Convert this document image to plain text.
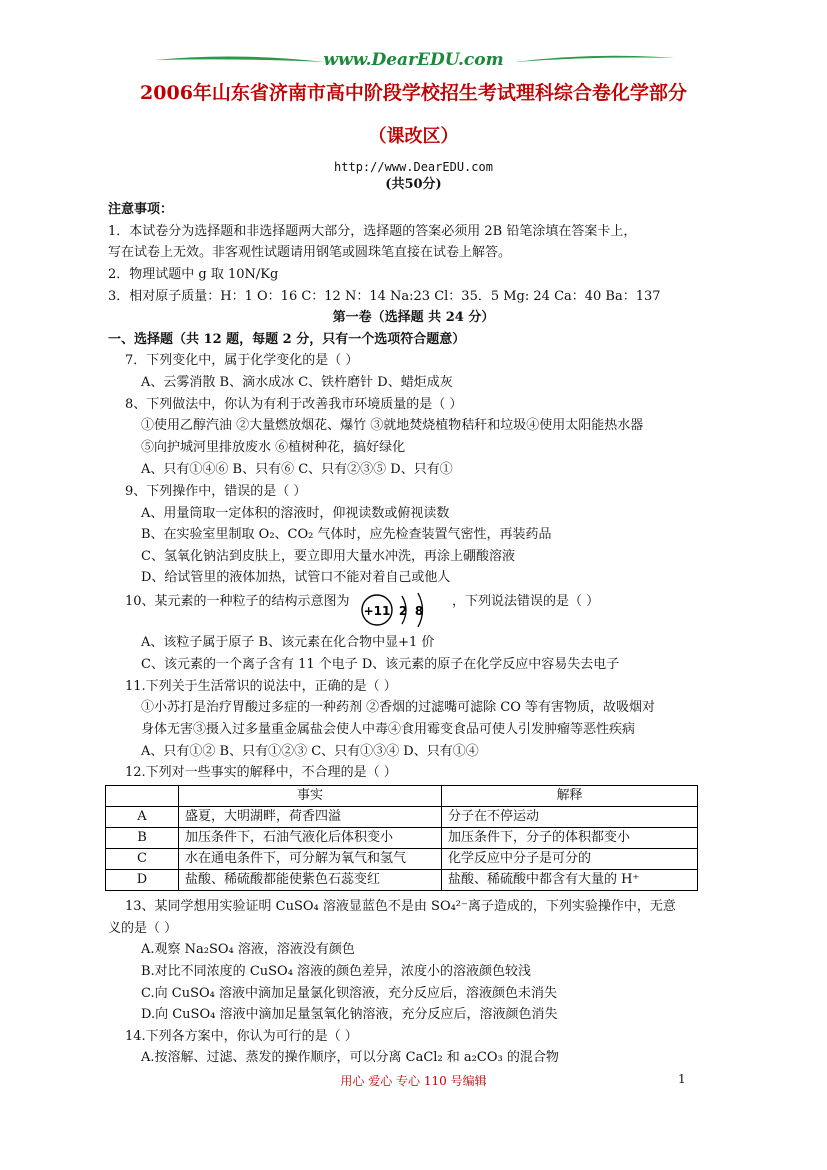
www.DearEDU.com
2006年山东省济南市高中阶段学校招生考试理科综合卷化学部分
（课改区）
http://www.DearEDU.com
(共50分)
注意事项：
1．本试卷分为选择题和非选择题两大部分，选择题的答案必须用 2B 铅笔涂填在答案卡上，
写在试卷上无效。非客观性试题请用钢笔或圆珠笔直接在试卷上解答。
2．物理试题中 g 取 10N/Kg
3．相对原子质量：H：1 O：16 C：12 N：14 Na:23 Cl：35．5 Mg: 24 Ca：40 Ba：137
第一卷（选择题 共 24 分）
一、选择题（共 12 题，每题 2 分，只有一个选项符合题意）
7．下列变化中，属于化学变化的是（ ）
A、云雾消散 B、滴水成冰 C、铁杵磨针 D、蜡炬成灰
8、下列做法中，你认为有利于改善我市环境质量的是（ ）
①使用乙醇汽油 ②大量燃放烟花、爆竹 ③就地焚烧植物秸秆和垃圾④使用太阳能热水器
⑤向护城河里排放废水 ⑥植树种花，搞好绿化
A、只有①④⑥ B、只有⑥ C、只有②③⑤ D、只有①
9、下列操作中，错误的是（ ）
A、用量筒取一定体积的溶液时，仰视读数或俯视读数
B、在实验室里制取 O₂、CO₂ 气体时，应先检查装置气密性，再装药品
C、氢氧化钠沾到皮肤上，要立即用大量水冲洗，再涂上硼酸溶液
D、给试管里的液体加热，试管口不能对着自己或他人
10、某元素的一种粒子的结构示意图为
+11 2 8
，下列说法错误的是（ ）
A、该粒子属于原子 B、该元素在化合物中显+1 价
C、该元素的一个离子含有 11 个电子 D、该元素的原子在化学反应中容易失去电子
11.下列关于生活常识的说法中，正确的是（ ）
①小苏打是治疗胃酸过多症的一种药剂 ②香烟的过滤嘴可滤除 CO 等有害物质，故吸烟对
身体无害③摄入过多量重金属盐会使人中毒④食用霉变食品可使人引发肿瘤等恶性疾病
A、只有①② B、只有①②③ C、只有①③④ D、只有①④
12.下列对一些事实的解释中，不合理的是（ ）
	事实	解释
A	盛夏，大明湖畔，荷香四溢	分子在不停运动
B	加压条件下，石油气液化后体积变小	加压条件下，分子的体积都变小
C	水在通电条件下，可分解为氧气和氢气	化学反应中分子是可分的
D	盐酸、稀硫酸都能使紫色石蕊变红	盐酸、稀硫酸中都含有大量的 H⁺
13、某同学想用实验证明 CuSO₄ 溶液显蓝色不是由 SO₄²⁻离子造成的，下列实验操作中，无意
义的是（ ）
A.观察 Na₂SO₄ 溶液，溶液没有颜色
B.对比不同浓度的 CuSO₄ 溶液的颜色差异，浓度小的溶液颜色较浅
C.向 CuSO₄ 溶液中滴加足量氯化钡溶液，充分反应后，溶液颜色未消失
D.向 CuSO₄ 溶液中滴加足量氢氧化钠溶液，充分反应后，溶液颜色消失
14.下列各方案中，你认为可行的是（ ）
A.按溶解、过滤、蒸发的操作顺序，可以分离 CaCl₂ 和 a₂CO₃ 的混合物
用心 爱心 专心 110 号编辑	1
